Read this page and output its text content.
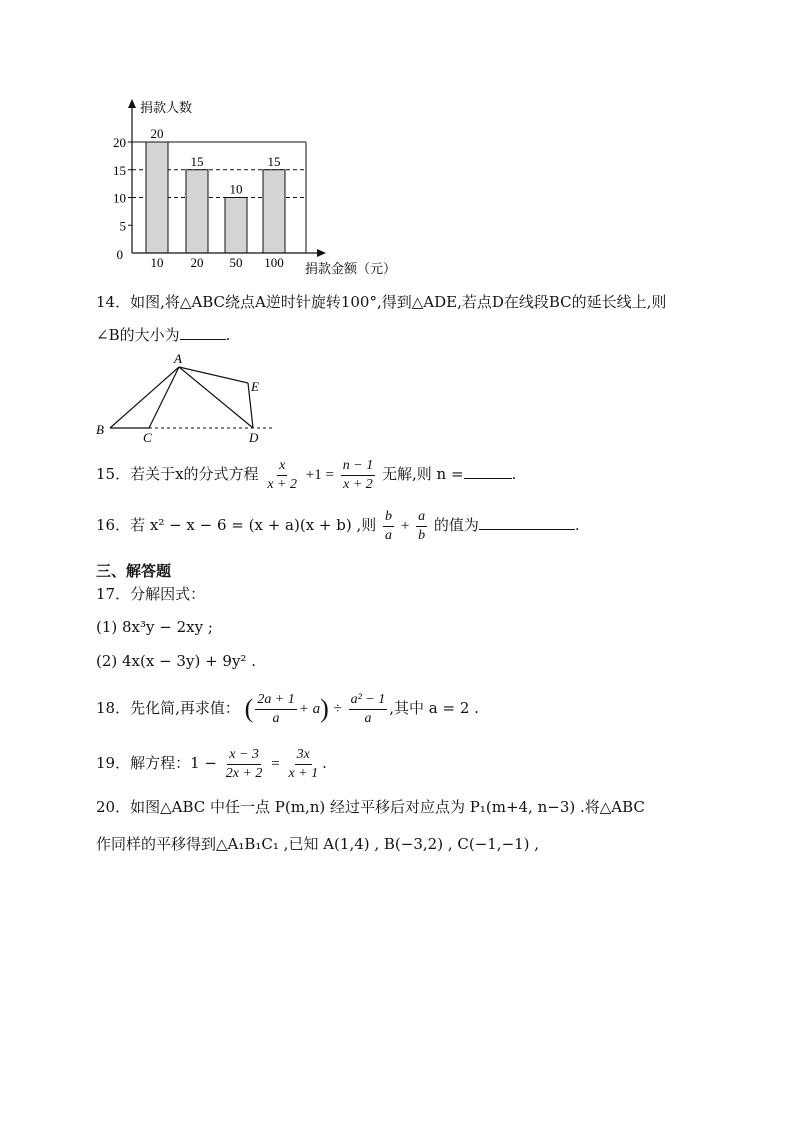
20
10
15
20
10
50
15
100
0
5
10
15
20
捐款人数
捐款金额（元）
14．如图,将△ABC绕点A逆时针旋转100°,得到△ADE,若点D在线段BC的延长线上,则
∠B的大小为	.
A
B
C	D
E
15．若关于x的分式方程 $\frac{x}{x + 2} +1 = \frac{n - 1}{x + 2}$ 无解,则 n =	.
16．若 x² − x − 6 = (x + a)(x + b) ,则 $\frac{b}{a} + \frac{a}{b}$ 的值为	.
三、解答题
17．分解因式：
(1) 8x³y − 2xy ;
(2) 4x(x − 3y) + 9y² .
18．先化简,再求值： ( $\frac{2a + 1}{a} + a) \div \frac{\text{a² − 1}}{a}$ ,其中 a = 2 .
19．解方程：$1 - \frac{x - 3}{2x + 2} = \frac{3x}{x + 1}$ .
20．如图△ABC 中任一点 P(m,n) 经过平移后对应点为 P₁(m+4, n−3) .将△ABC
作同样的平移得到△A₁B₁C₁ ,已知 A(1,4) , B(−3,2) , C(−1,−1) ,
